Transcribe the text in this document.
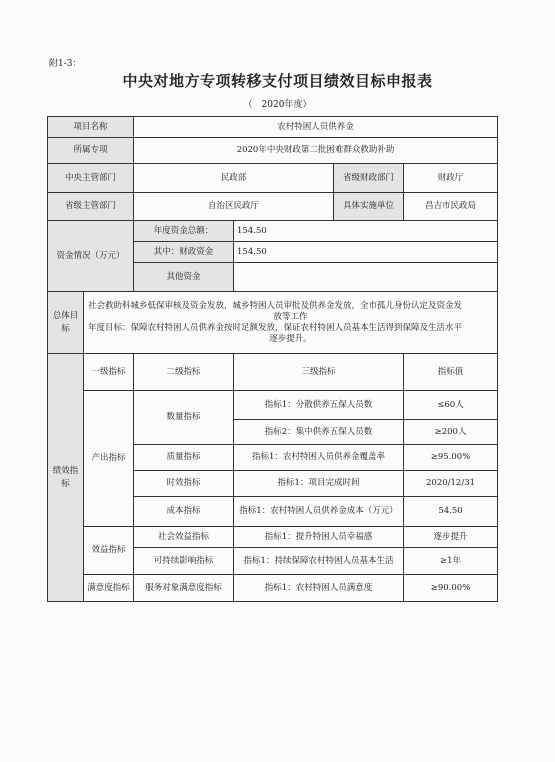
附1-3：
中央对地方专项转移支付项目绩效目标申报表
（　2020年度）
项目名称		农村特困人员供养金			
所属专项		2020年中央财政第二批困难群众救助补助			
中央主管部门		民政部		省级财政部门	财政厅
省级主管部门		自治区民政厅		具体实施单位	昌吉市民政局
资金情况（万元）		年度资金总额：	154.50		
		其中：财政资金	154.50		
		其他资金			
总体目标	社会救助科城乡低保审核及资金发放，城乡特困人员审批及供养金发放，全市孤儿身份认定及资金发
放等工作
年度目标：保障农村特困人员供养金按时足额发放，保证农村特困人员基本生活得到保障及生活水平
逐步提升。				

绩效指标	一级指标	二级指标	三级指标		指标值
	产出指标	数量指标	指标1：分散供养五保人员数		≤60人
			指标2：集中供养五保人员数		≥200人
		质量指标	指标1：农村特困人员供养金覆盖率		≥95.00%
		时效指标	指标1：项目完成时间		2020/12/31
		成本指标	指标1：农村特困人员供养金成本（万元）		54.50
	效益指标	社会效益指标	指标1：提升特困人员幸福感		逐步提升
		可持续影响指标	指标1：持续保障农村特困人员基本生活		≥1年
	满意度指标	服务对象满意度指标	指标1：农村特困人员满意度		≥90.00%
